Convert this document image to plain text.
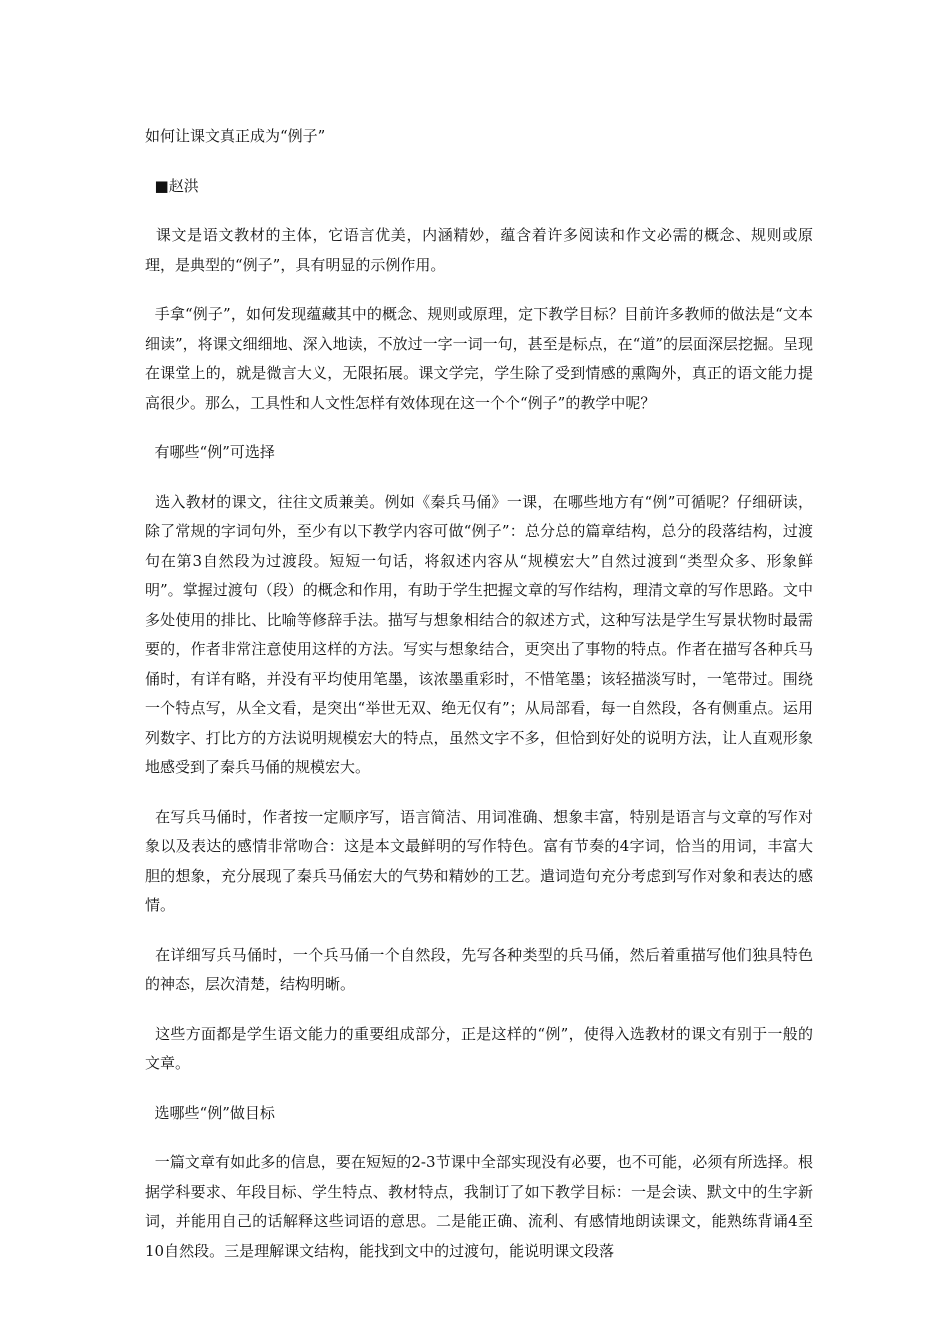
如何让课文真正成为“例子”

■赵洪

课文是语文教材的主体，它语言优美，内涵精妙，蕴含着许多阅读和作文必需的概念、规则或原理，是典型的“例子”，具有明显的示例作用。

手拿“例子”，如何发现蕴藏其中的概念、规则或原理，定下教学目标？目前许多教师的做法是“文本细读”，将课文细细地、深入地读，不放过一字一词一句，甚至是标点，在“道”的层面深层挖掘。呈现在课堂上的，就是微言大义，无限拓展。课文学完，学生除了受到情感的熏陶外，真正的语文能力提高很少。那么，工具性和人文性怎样有效体现在这一个个“例子”的教学中呢？

有哪些“例”可选择

选入教材的课文，往往文质兼美。例如《秦兵马俑》一课，在哪些地方有“例”可循呢？仔细研读，除了常规的字词句外，至少有以下教学内容可做“例子”：总分总的篇章结构，总分的段落结构，过渡句在第3自然段为过渡段。短短一句话，将叙述内容从“规模宏大”自然过渡到“类型众多、形象鲜明”。掌握过渡句（段）的概念和作用，有助于学生把握文章的写作结构，理清文章的写作思路。文中多处使用的排比、比喻等修辞手法。描写与想象相结合的叙述方式，这种写法是学生写景状物时最需要的，作者非常注意使用这样的方法。写实与想象结合，更突出了事物的特点。作者在描写各种兵马俑时，有详有略，并没有平均使用笔墨，该浓墨重彩时，不惜笔墨；该轻描淡写时，一笔带过。围绕一个特点写，从全文看，是突出“举世无双、绝无仅有”；从局部看，每一自然段，各有侧重点。运用列数字、打比方的方法说明规模宏大的特点，虽然文字不多，但恰到好处的说明方法，让人直观形象地感受到了秦兵马俑的规模宏大。

在写兵马俑时，作者按一定顺序写，语言简洁、用词准确、想象丰富，特别是语言与文章的写作对象以及表达的感情非常吻合：这是本文最鲜明的写作特色。富有节奏的4字词，恰当的用词，丰富大胆的想象，充分展现了秦兵马俑宏大的气势和精妙的工艺。遣词造句充分考虑到写作对象和表达的感情。

在详细写兵马俑时，一个兵马俑一个自然段，先写各种类型的兵马俑，然后着重描写他们独具特色的神态，层次清楚，结构明晰。

这些方面都是学生语文能力的重要组成部分，正是这样的“例”，使得入选教材的课文有别于一般的文章。

选哪些“例”做目标

一篇文章有如此多的信息，要在短短的2-3节课中全部实现没有必要，也不可能，必须有所选择。根据学科要求、年段目标、学生特点、教材特点，我制订了如下教学目标：一是会读、默文中的生字新词，并能用自己的话解释这些词语的意思。二是能正确、流利、有感情地朗读课文，能熟练背诵4至10自然段。三是理解课文结构，能找到文中的过渡句，能说明课文段落
